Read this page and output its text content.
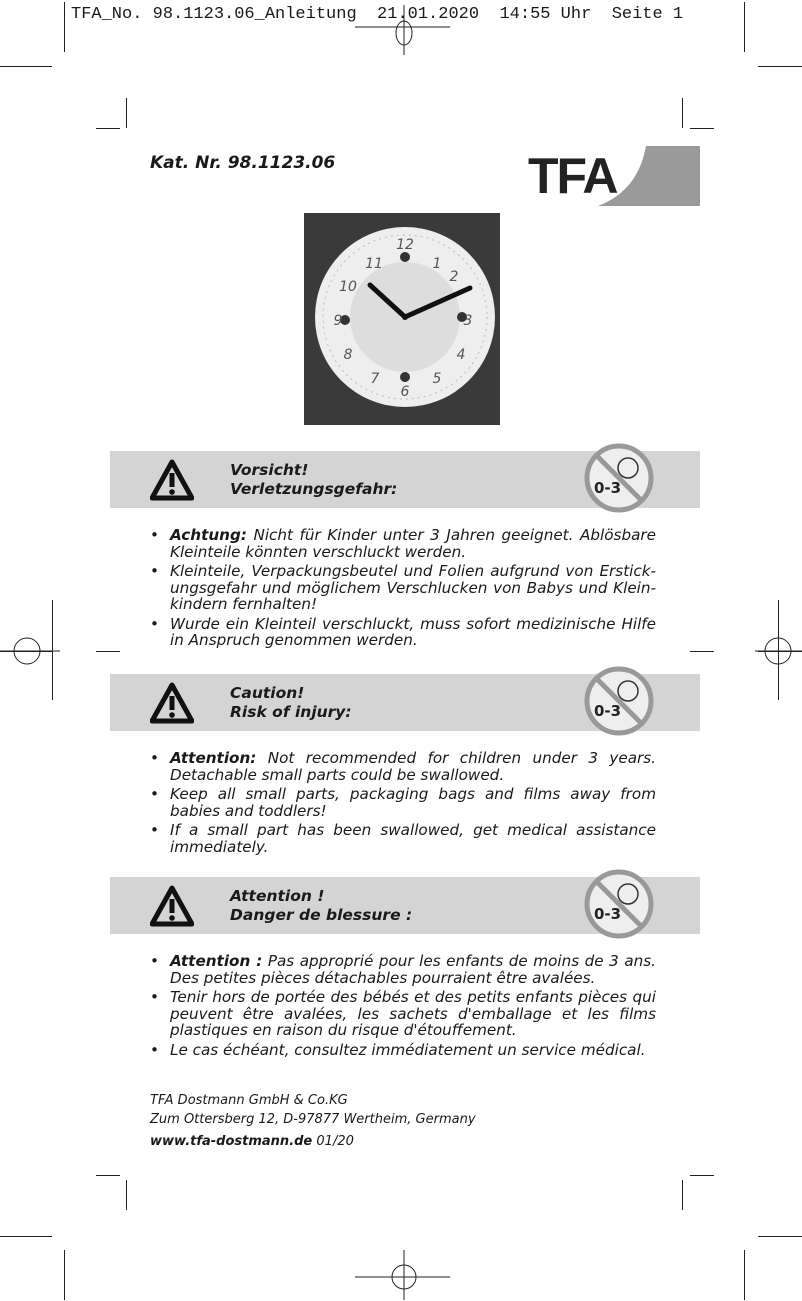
TFA_No. 98.1123.06_Anleitung  21.01.2020  14:55 Uhr  Seite 1
Kat. Nr. 98.1123.06	TFA
12
11
10
9
8
7
6
5
4
3
2
1
Vorsicht!
Verletzungsgefahr:	0-3
• Achtung: Nicht für Kinder unter 3 Jahren geeignet. Ablösbare Kleinteile könnten verschluckt werden.
• Kleinteile, Verpackungsbeutel und Folien aufgrund von Erstickungsgefahr und möglichem Verschlucken von Babys und Kleinkindern fernhalten!
• Wurde ein Kleinteil verschluckt, muss sofort medizinische Hilfe in Anspruch genommen werden.
Caution!
Risk of injury:	0-3
• Attention: Not recommended for children under 3 years. Detachable small parts could be swallowed.
• Keep all small parts, packaging bags and films away from babies and toddlers!
• If a small part has been swallowed, get medical assistance immediately.
Attention !
Danger de blessure :	0-3
• Attention : Pas approprié pour les enfants de moins de 3 ans. Des petites pièces détachables pourraient être avalées.
• Tenir hors de portée des bébés et des petits enfants pièces qui peuvent être avalées, les sachets d'emballage et les films plastiques en raison du risque d'étouffement.
• Le cas échéant, consultez immédiatement un service médical.
TFA Dostmann GmbH & Co.KG
Zum Ottersberg 12, D-97877 Wertheim, Germany
www.tfa-dostmann.de 01/20
